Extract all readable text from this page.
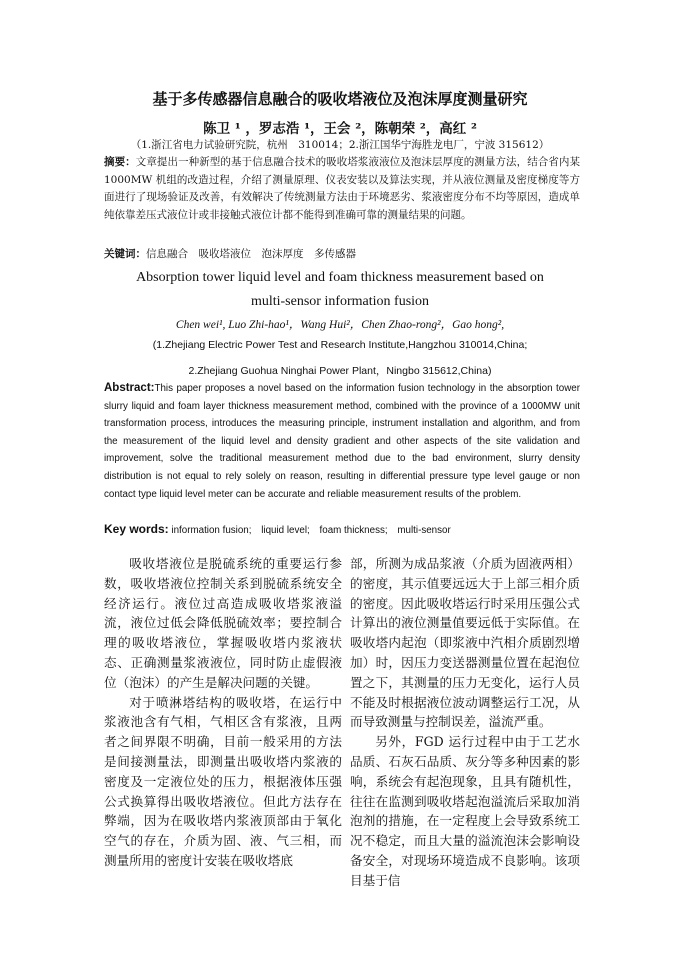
基于多传感器信息融合的吸收塔液位及泡沫厚度测量研究
陈卫 ¹ ，罗志浩 ¹，王会 ²，陈朝荣 ²，高红 ²
（1.浙江省电力试验研究院，杭州　310014；2.浙江国华宁海胜龙电厂，宁波 315612）
摘要：文章提出一种新型的基于信息融合技术的吸收塔浆液液位及泡沫层厚度的测量方法，结合省内某 1000MW 机组的改造过程，介绍了测量原理、仪表安装以及算法实现，并从液位测量及密度梯度等方面进行了现场验证及改善，有效解决了传统测量方法由于环境恶劣、浆液密度分布不均等原因，造成单纯依靠差压式液位计或非接触式液位计都不能得到准确可靠的测量结果的问题。
关键词：信息融合　吸收塔液位　泡沫厚度　多传感器
Absorption tower liquid level and foam thickness measurement based on multi-sensor information fusion
Chen wei¹, Luo Zhi-hao¹，Wang Hui²，Chen Zhao-rong²，Gao hong²,
(1.Zhejiang Electric Power Test and Research Institute,Hangzhou 310014,China;
2.Zhejiang Guohua Ninghai Power Plant，Ningbo 315612,China)
Abstract:This paper proposes a novel based on the information fusion technology in the absorption tower slurry liquid and foam layer thickness measurement method, combined with the province of a 1000MW unit transformation process, introduces the measuring principle, instrument installation and algorithm, and from the measurement of the liquid level and density gradient and other aspects of the site validation and improvement, solve the traditional measurement method due to the bad environment, slurry density distribution is not equal to rely solely on reason, resulting in differential pressure type level gauge or non contact type liquid level meter can be accurate and reliable measurement results of the problem.
Key words: information fusion;　liquid level;　foam thickness;　multi-sensor

吸收塔液位是脱硫系统的重要运行参数，吸收塔液位控制关系到脱硫系统安全经济运行。液位过高造成吸收塔浆液溢流，液位过低会降低脱硫效率；要控制合理的吸收塔液位，掌握吸收塔内浆液状态、正确测量浆液液位，同时防止虚假液位（泡沫）的产生是解决问题的关键。

对于喷淋塔结构的吸收塔，在运行中浆液池含有气相，气相区含有浆液，且两者之间界限不明确，目前一般采用的方法是间接测量法，即测量出吸收塔内浆液的密度及一定液位处的压力，根据液体压强公式换算得出吸收塔液位。但此方法存在弊端，因为在吸收塔内浆液顶部由于氧化空气的存在，介质为固、液、气三相，而测量所用的密度计安装在吸收塔底

部，所测为成品浆液（介质为固液两相）的密度，其示值要远远大于上部三相介质的密度。因此吸收塔运行时采用压强公式计算出的液位测量值要远低于实际值。在吸收塔内起泡（即浆液中汽相介质剧烈增加）时，因压力变送器测量位置在起泡位置之下，其测量的压力无变化，运行人员不能及时根据液位波动调整运行工况，从而导致测量与控制误差，溢流严重。

另外，FGD 运行过程中由于工艺水品质、石灰石品质、灰分等多种因素的影响，系统会有起泡现象，且具有随机性，往往在监测到吸收塔起泡溢流后采取加消泡剂的措施，在一定程度上会导致系统工况不稳定，而且大量的溢流泡沫会影响设备安全，对现场环境造成不良影响。该项目基于信
